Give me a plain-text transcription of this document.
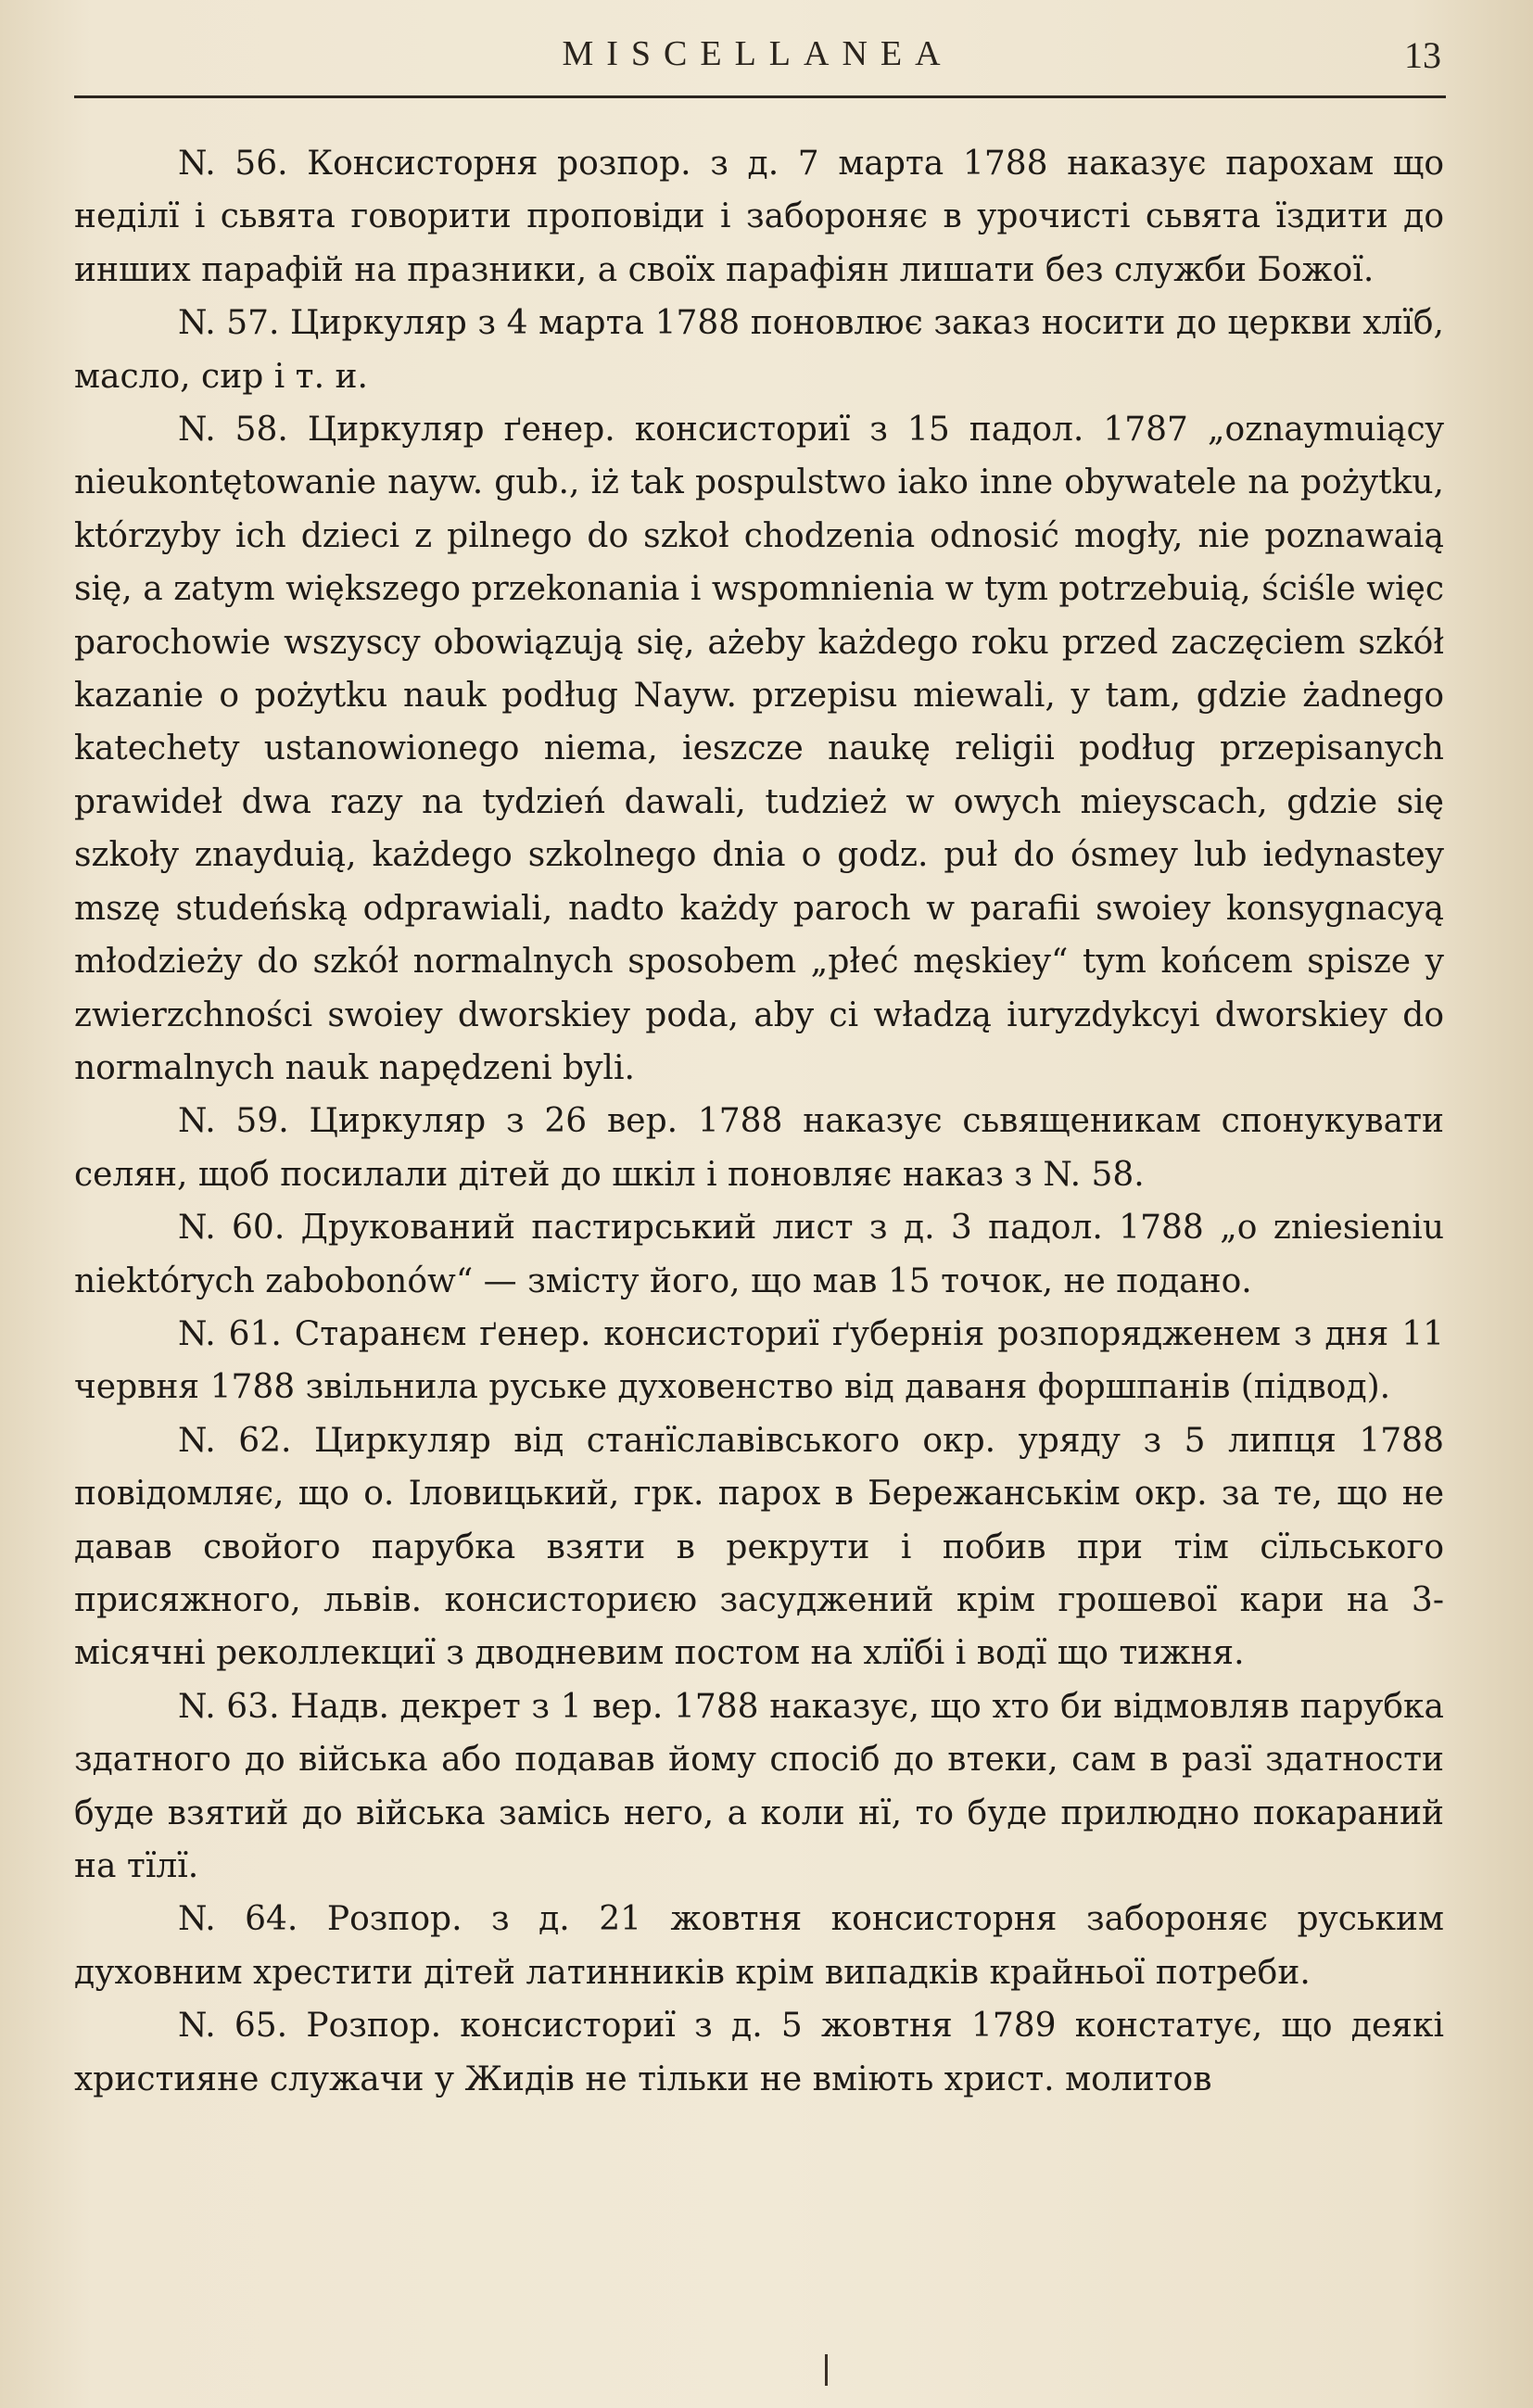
MISCELLANEA	13

N. 56. Консисторня розпор. з д. 7 марта 1788 наказує парохам що неділї і сьвята говорити проповіди і забороняє в урочисті сьвята їздити до инших парафій на празники, а своїх парафіян лишати без служби Божої.

N. 57. Циркуляр з 4 марта 1788 поновлює заказ носити до церкви хлїб, масло, сир і т. и.

N. 58. Циркуляр ґенер. консисториї з 15 падол. 1787 „oznaymuiący nieukontętowanie nayw. gub., iż tak pospulstwo iako inne obywatele na pożytku, którzyby ich dzieci z pilnego do szkoł chodzenia odnosić mogły, nie poznawaią się, a zatym większego przekonania i wspomnienia w tym potrzebuią, ściśle więc parochowie wszyscy obowiązują się, ażeby każdego roku przed zaczęciem szkół kazanie o pożytku nauk podług Nayw. przepisu miewali, y tam, gdzie żadnego katechety ustanowionego niema, ieszcze naukę religii podług przepisanych prawideł dwa razy na tydzień dawali, tudzież w owych mieyscach, gdzie się szkoły znayduią, każdego szkolnego dnia o godz. puł do ósmey lub iedynastey mszę studeńską odprawiali, nadto każdy paroch w parafii swoiey konsygnacyą młodzieży do szkół normalnych sposobem „płeć męskiey“ tym końcem spisze y zwierzchności swoiey dworskiey poda, aby ci władzą iuryzdykcyi dworskiey do normalnych nauk napędzeni byli.

N. 59. Циркуляр з 26 вер. 1788 наказує сьвященикам спонукувати селян, щоб посилали дітей до шкіл і поновляє наказ з N. 58.

N. 60. Друкований пастирський лист з д. 3 падол. 1788 „o zniesieniu niektórych zabobonów“ — змісту його, що мав 15 точок, не подано.

N. 61. Старанєм ґенер. консисториї ґубернія розпорядженем з дня 11 червня 1788 звільнила руське духовенство від даваня форшпанів (підвод).

N. 62. Циркуляр від станїславівського окр. уряду з 5 липця 1788 повідомляє, що о. Іловицький, грк. парох в Бережанськім окр. за те, що не давав свойого парубка взяти в рекрути і побив при тім сїльського присяжного, львів. консисториєю засуджений крім грошевої кари на 3-місячні реколлекциї з дводневим постом на хлїбі і водї що тижня.

N. 63. Надв. декрет з 1 вер. 1788 наказує, що хто би відмовляв парубка здатного до війська або подавав йому спосіб до втеки, сам в разї здатности буде взятий до війська замісь него, а коли нї, то буде прилюдно покараний на тїлї.

N. 64. Розпор. з д. 21 жовтня консисторня забороняє руським духовним хрестити дітей латинників крім випадків крайньої потреби.

N. 65. Розпор. консисториї з д. 5 жовтня 1789 констатує, що деякі християне служачи у Жидів не тільки не вміють христ. молитов
